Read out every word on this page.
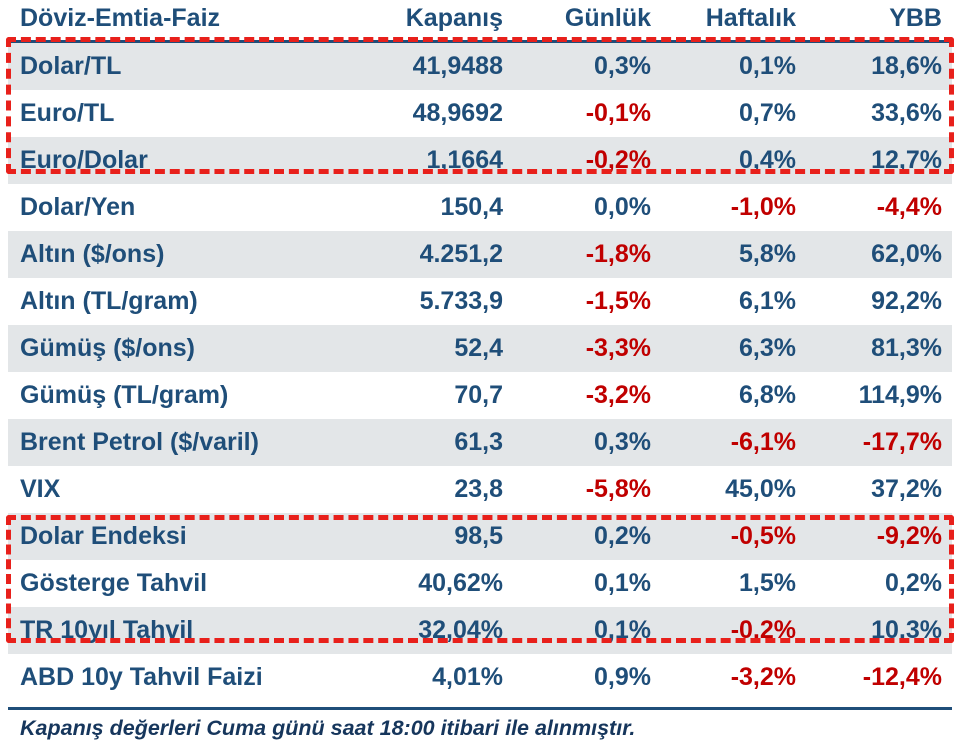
Döviz-Emtia-Faiz	Kapanış	Günlük	Haftalık	YBB
Dolar/TL	41,9488	0,3%	0,1%	18,6%
Euro/TL	48,9692	-0,1%	0,7%	33,6%
Euro/Dolar	1,1664	-0,2%	0,4%	12,7%
Dolar/Yen	150,4	0,0%	-1,0%	-4,4%
Altın ($/ons)	4.251,2	-1,8%	5,8%	62,0%
Altın (TL/gram)	5.733,9	-1,5%	6,1%	92,2%
Gümüş ($/ons)	52,4	-3,3%	6,3%	81,3%
Gümüş (TL/gram)	70,7	-3,2%	6,8%	114,9%
Brent Petrol ($/varil)	61,3	0,3%	-6,1%	-17,7%
VIX	23,8	-5,8%	45,0%	37,2%
Dolar Endeksi	98,5	0,2%	-0,5%	-9,2%
Gösterge Tahvil	40,62%	0,1%	1,5%	0,2%
TR 10yıl Tahvil	32,04%	0,1%	-0,2%	10,3%
ABD 10y Tahvil Faizi	4,01%	0,9%	-3,2%	-12,4%
Kapanış değerleri Cuma günü saat 18:00 itibari ile alınmıştır.
